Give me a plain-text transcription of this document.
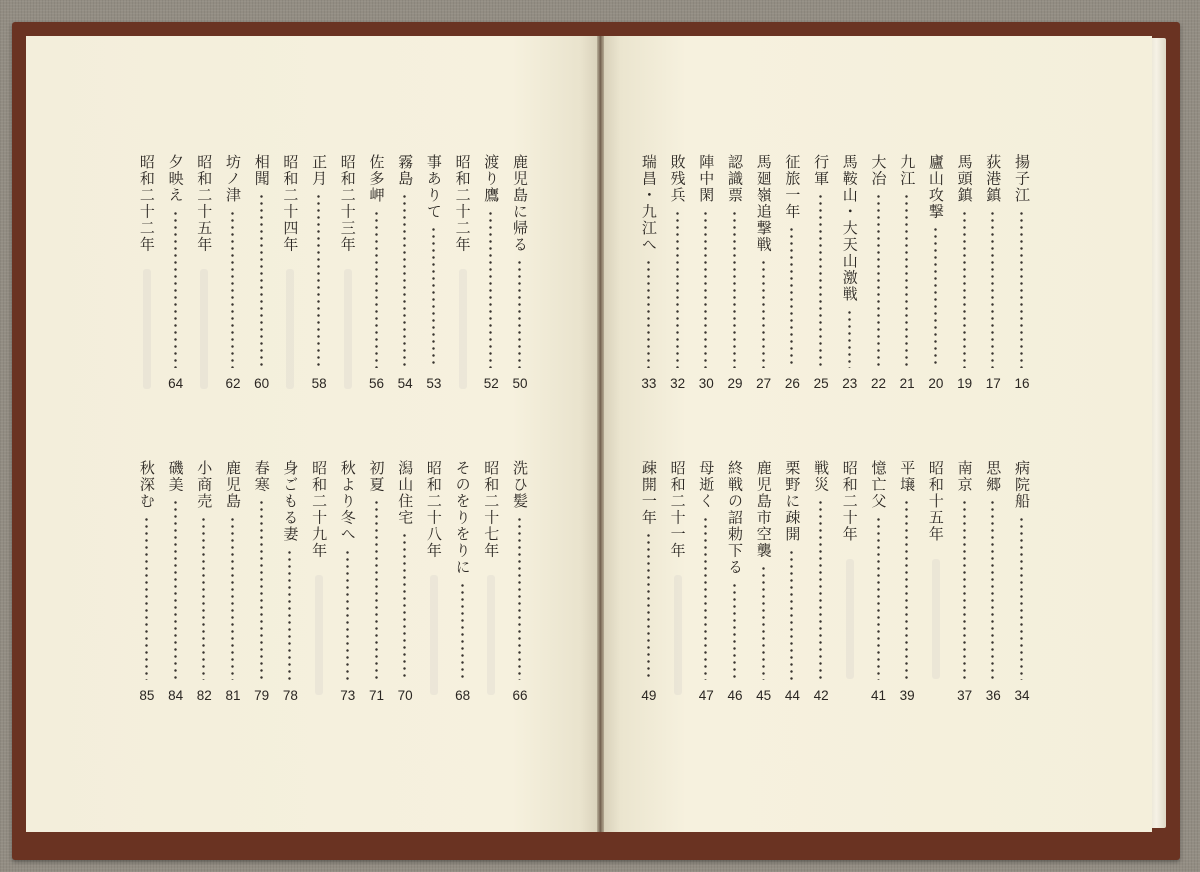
鹿児島に帰る
50
渡り鷹
52
昭和二十二年
事ありて
53
霧島
54
佐多岬
56
昭和二十三年
正月
58
昭和二十四年
相聞
60
坊ノ津
62
昭和二十五年
夕映え
64
昭和二十二年
洗ひ髪
66
昭和二十七年
そのをりをりに
68
昭和二十八年
潟山住宅
70
初夏
71
秋より冬へ
73
昭和二十九年
身ごもる妻
78
春寒
79
鹿児島
81
小商売
82
磯美
84
秋深む
85
揚子江
16
荻港鎮
17
馬頭鎮
19
廬山攻撃
20
九江
21
大冶
22
馬鞍山・大天山激戦
23
行軍
25
征旅一年
26
馬廻嶺追撃戦
27
認識票
29
陣中閑
30
敗残兵
32
瑞昌・九江へ
33
病院船
34
思郷
36
南京
37
昭和十五年
平壌
39
憶亡父
41
昭和二十年
戦災
42
栗野に疎開
44
鹿児島市空襲
45
終戦の詔勅下る
46
母逝く
47
昭和二十一年
疎開一年
49
